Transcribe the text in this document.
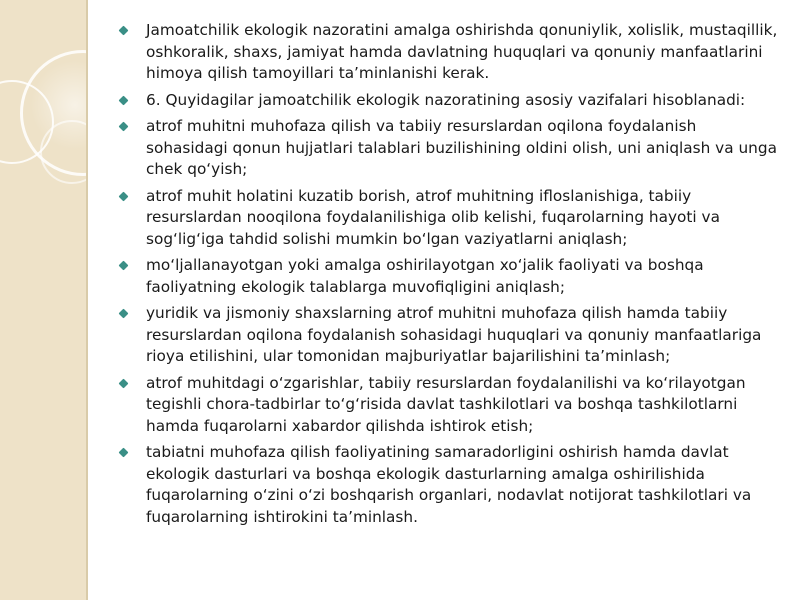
Jamoatchilik ekologik nazoratini amalga oshirishda qonuniylik, xolislik, mustaqillik, oshkoralik, shaxs, jamiyat hamda davlatning huquqlari va qonuniy manfaatlarini himoya qilish tamoyillari ta’minlanishi kerak.
6. Quyidagilar jamoatchilik ekologik nazoratining asosiy vazifalari hisoblanadi:
atrof muhitni muhofaza qilish va tabiiy resurslardan oqilona foydalanish sohasidagi qonun hujjatlari talablari buzilishining oldini olish, uni aniqlash va unga chek qo‘yish;
atrof muhit holatini kuzatib borish, atrof muhitning ifloslanishiga, tabiiy resurslardan nooqilona foydalanilishiga olib kelishi, fuqarolarning hayoti va sog‘lig‘iga tahdid solishi mumkin bo‘lgan vaziyatlarni aniqlash;
mo‘ljallanayotgan yoki amalga oshirilayotgan xo‘jalik faoliyati va boshqa faoliyatning ekologik talablarga muvofiqligini aniqlash;
yuridik va jismoniy shaxslarning atrof muhitni muhofaza qilish hamda tabiiy resurslardan oqilona foydalanish sohasidagi huquqlari va qonuniy manfaatlariga rioya etilishini, ular tomonidan majburiyatlar bajarilishini ta’minlash;
atrof muhitdagi o‘zgarishlar, tabiiy resurslardan foydalanilishi va ko‘rilayotgan tegishli chora-tadbirlar to‘g‘risida davlat tashkilotlari va boshqa tashkilotlarni hamda fuqarolarni xabardor qilishda ishtirok etish;
tabiatni muhofaza qilish faoliyatining samaradorligini oshirish hamda davlat ekologik dasturlari va boshqa ekologik dasturlarning amalga oshirilishida fuqarolarning o‘zini o‘zi boshqarish organlari, nodavlat notijorat tashkilotlari va fuqarolarning ishtirokini ta’minlash.
